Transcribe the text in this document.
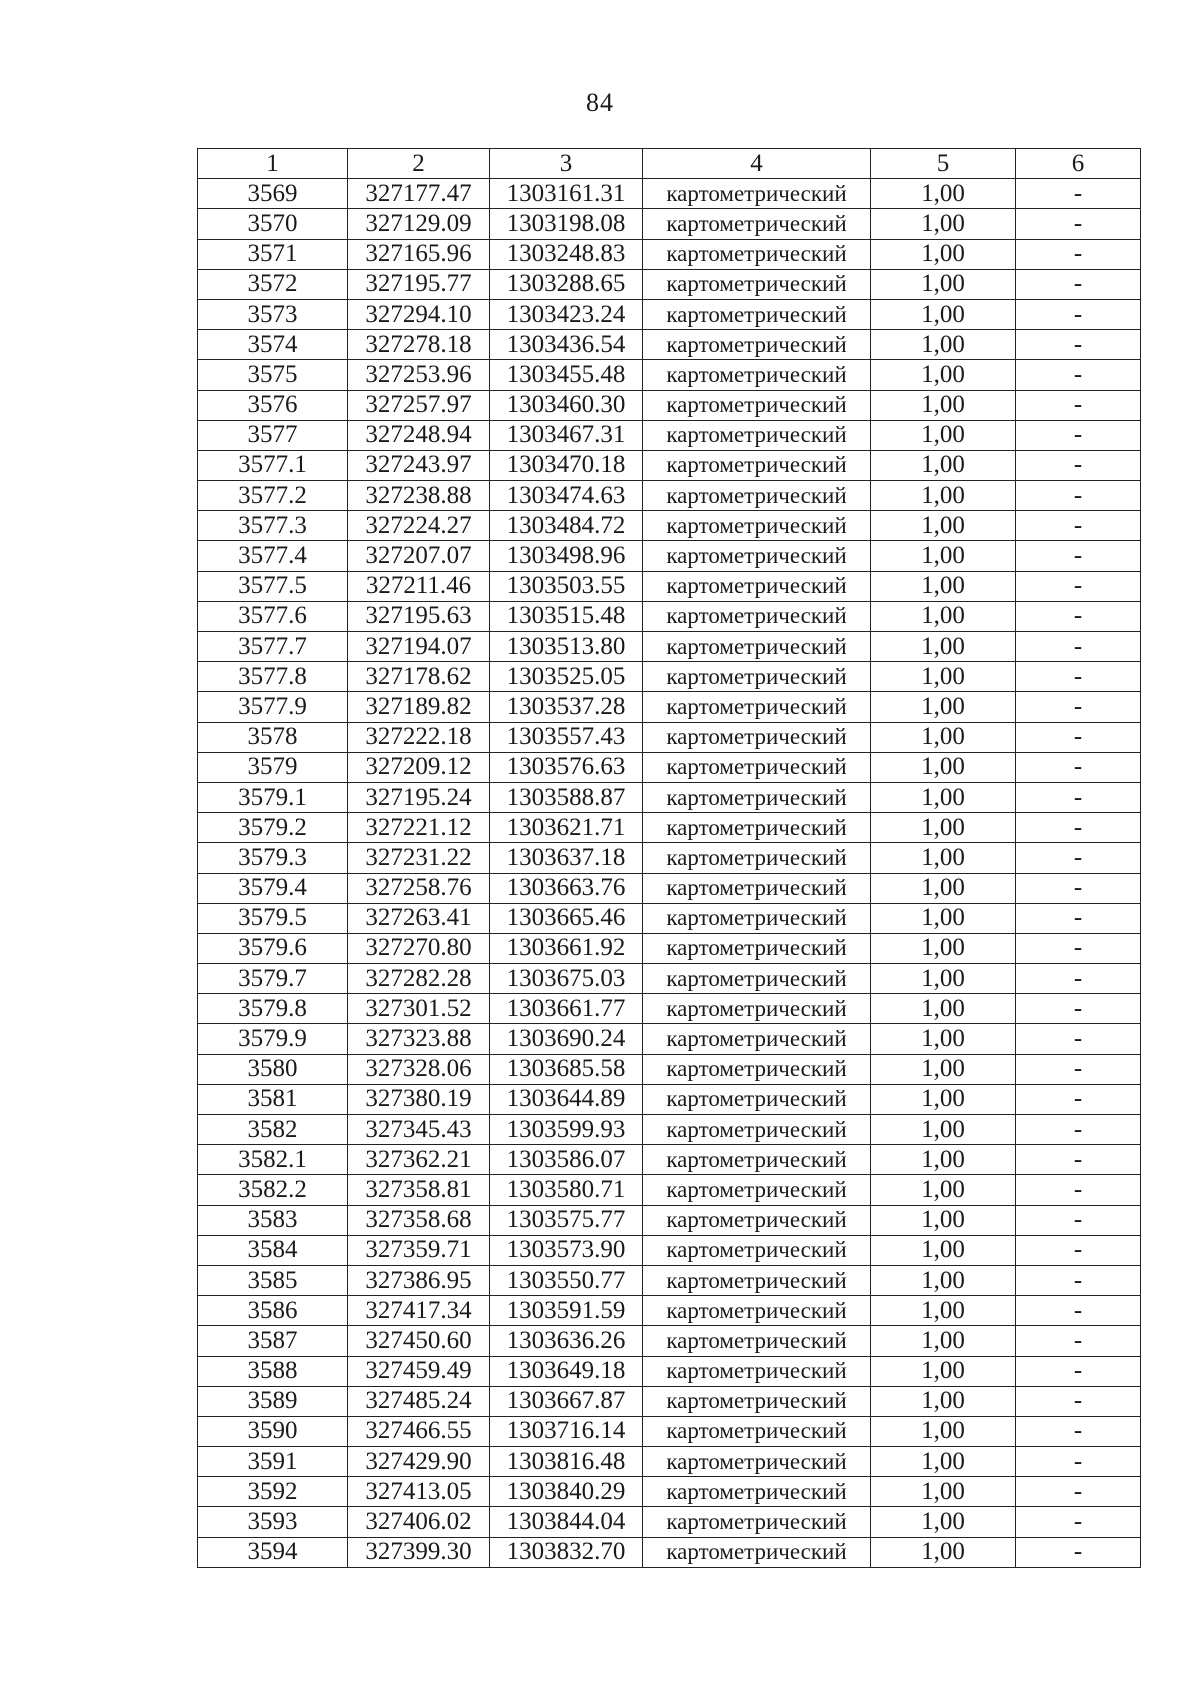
84
1	2	3	4	5	6
3569	327177.47	1303161.31	картометрический	1,00	-
3570	327129.09	1303198.08	картометрический	1,00	-
3571	327165.96	1303248.83	картометрический	1,00	-
3572	327195.77	1303288.65	картометрический	1,00	-
3573	327294.10	1303423.24	картометрический	1,00	-
3574	327278.18	1303436.54	картометрический	1,00	-
3575	327253.96	1303455.48	картометрический	1,00	-
3576	327257.97	1303460.30	картометрический	1,00	-
3577	327248.94	1303467.31	картометрический	1,00	-
3577.1	327243.97	1303470.18	картометрический	1,00	-
3577.2	327238.88	1303474.63	картометрический	1,00	-
3577.3	327224.27	1303484.72	картометрический	1,00	-
3577.4	327207.07	1303498.96	картометрический	1,00	-
3577.5	327211.46	1303503.55	картометрический	1,00	-
3577.6	327195.63	1303515.48	картометрический	1,00	-
3577.7	327194.07	1303513.80	картометрический	1,00	-
3577.8	327178.62	1303525.05	картометрический	1,00	-
3577.9	327189.82	1303537.28	картометрический	1,00	-
3578	327222.18	1303557.43	картометрический	1,00	-
3579	327209.12	1303576.63	картометрический	1,00	-
3579.1	327195.24	1303588.87	картометрический	1,00	-
3579.2	327221.12	1303621.71	картометрический	1,00	-
3579.3	327231.22	1303637.18	картометрический	1,00	-
3579.4	327258.76	1303663.76	картометрический	1,00	-
3579.5	327263.41	1303665.46	картометрический	1,00	-
3579.6	327270.80	1303661.92	картометрический	1,00	-
3579.7	327282.28	1303675.03	картометрический	1,00	-
3579.8	327301.52	1303661.77	картометрический	1,00	-
3579.9	327323.88	1303690.24	картометрический	1,00	-
3580	327328.06	1303685.58	картометрический	1,00	-
3581	327380.19	1303644.89	картометрический	1,00	-
3582	327345.43	1303599.93	картометрический	1,00	-
3582.1	327362.21	1303586.07	картометрический	1,00	-
3582.2	327358.81	1303580.71	картометрический	1,00	-
3583	327358.68	1303575.77	картометрический	1,00	-
3584	327359.71	1303573.90	картометрический	1,00	-
3585	327386.95	1303550.77	картометрический	1,00	-
3586	327417.34	1303591.59	картометрический	1,00	-
3587	327450.60	1303636.26	картометрический	1,00	-
3588	327459.49	1303649.18	картометрический	1,00	-
3589	327485.24	1303667.87	картометрический	1,00	-
3590	327466.55	1303716.14	картометрический	1,00	-
3591	327429.90	1303816.48	картометрический	1,00	-
3592	327413.05	1303840.29	картометрический	1,00	-
3593	327406.02	1303844.04	картометрический	1,00	-
3594	327399.30	1303832.70	картометрический	1,00	-
